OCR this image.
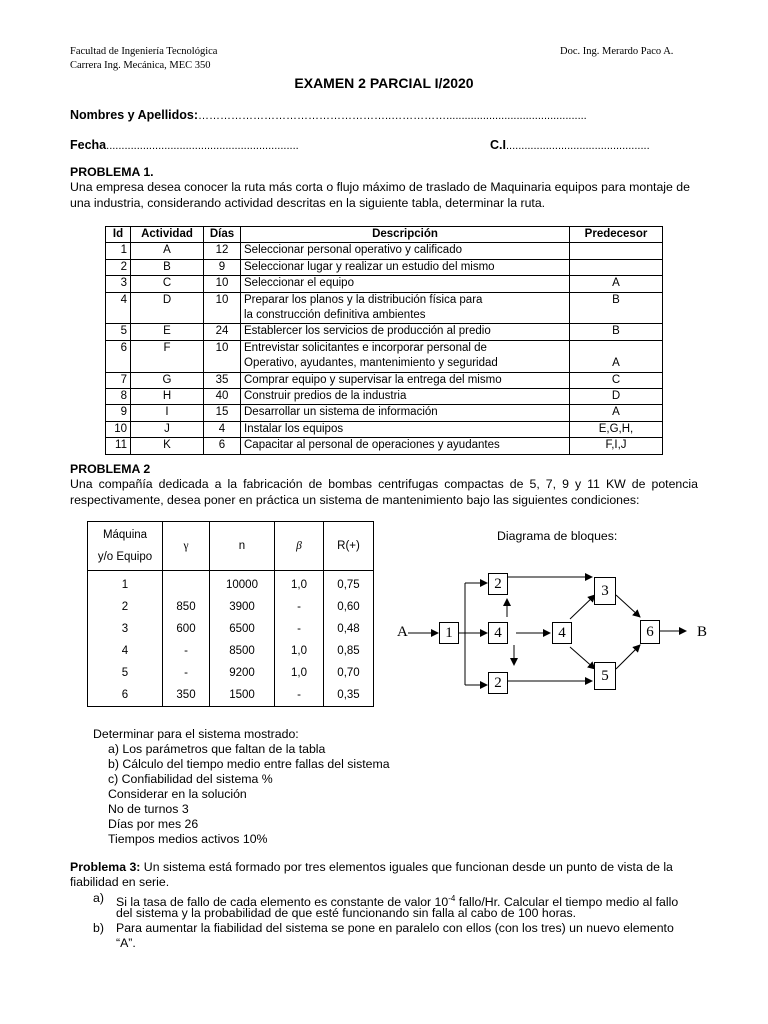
Facultad de Ingeniería Tecnológica
Carrera Ing. Mecánica, MEC 350
Doc. Ing. Merardo Paco A.
EXAMEN 2 PARCIAL I/2020
Nombres y Apellidos:……………………………………………..……………..............................................
Fecha...............................................................	C.I...............................................
PROBLEMA 1.
Una empresa desea conocer la ruta más corta o flujo máximo de traslado de Maquinaria equipos para montaje de una industria, considerando actividad descritas en la siguiente tabla, determinar la ruta.
Id	Actividad	Días	Descripción	Predecesor
1	A	12	Seleccionar personal operativo y calificado	
2	B	9	Seleccionar lugar y realizar un estudio del mismo	
3	C	10	Seleccionar el equipo	A
4	D	10	Preparar los planos y la distribución física para
la construcción definitiva ambientes	B
5	E	24	Establercer los servicios de producción al predio	B
6	F	10	Entrevistar solicitantes e incorporar personal de
Operativo, ayudantes, mantenimiento y seguridad	A
7	G	35	Comprar equipo y supervisar la entrega del mismo	C
8	H	40	Construir predios de la industria	D
9	I	15	Desarrollar un sistema de información	A
10	J	4	Instalar los equipos	E,G,H,
11	K	6	Capacitar al personal de operaciones y ayudantes	F,I,J
PROBLEMA 2
Una compañía dedicada a la fabricación de bombas centrifugas compactas de 5, 7, 9 y 11 KW de potencia respectivamente, desea poner en práctica un sistema de mantenimiento bajo las siguientes condiciones:
Máquina
y/o Equipo	γ	n	β	R(+)
1		10000	1,0	0,75
2	850	3900	-	0,60
3	600	6500	-	0,48
4	-	8500	1,0	0,85
5	-	9200	1,0	0,70
6	350	1500	-	0,35
Diagrama de bloques:
A	B
1
2
4
2
4
3
5
6
Determinar para el sistema mostrado:
a) Los parámetros que faltan de la tabla
b) Cálculo del tiempo medio entre fallas del sistema
c) Confiabilidad del sistema %
Considerar en la solución
No de turnos 3
Días por mes 26
Tiempos medios activos 10%
Problema 3: Un sistema está formado por tres elementos iguales que funcionan desde un punto de vista de la
fiabilidad en serie.
a) Si la tasa de fallo de cada elemento es constante de valor $10^{-4}$ fallo/Hr. Calcular el tiempo medio al fallo
del sistema y la probabilidad de que esté funcionando sin falla al cabo de 100 horas.
b) Para aumentar la fiabilidad del sistema se pone en paralelo con ellos (con los tres) un nuevo elemento
“A”.
